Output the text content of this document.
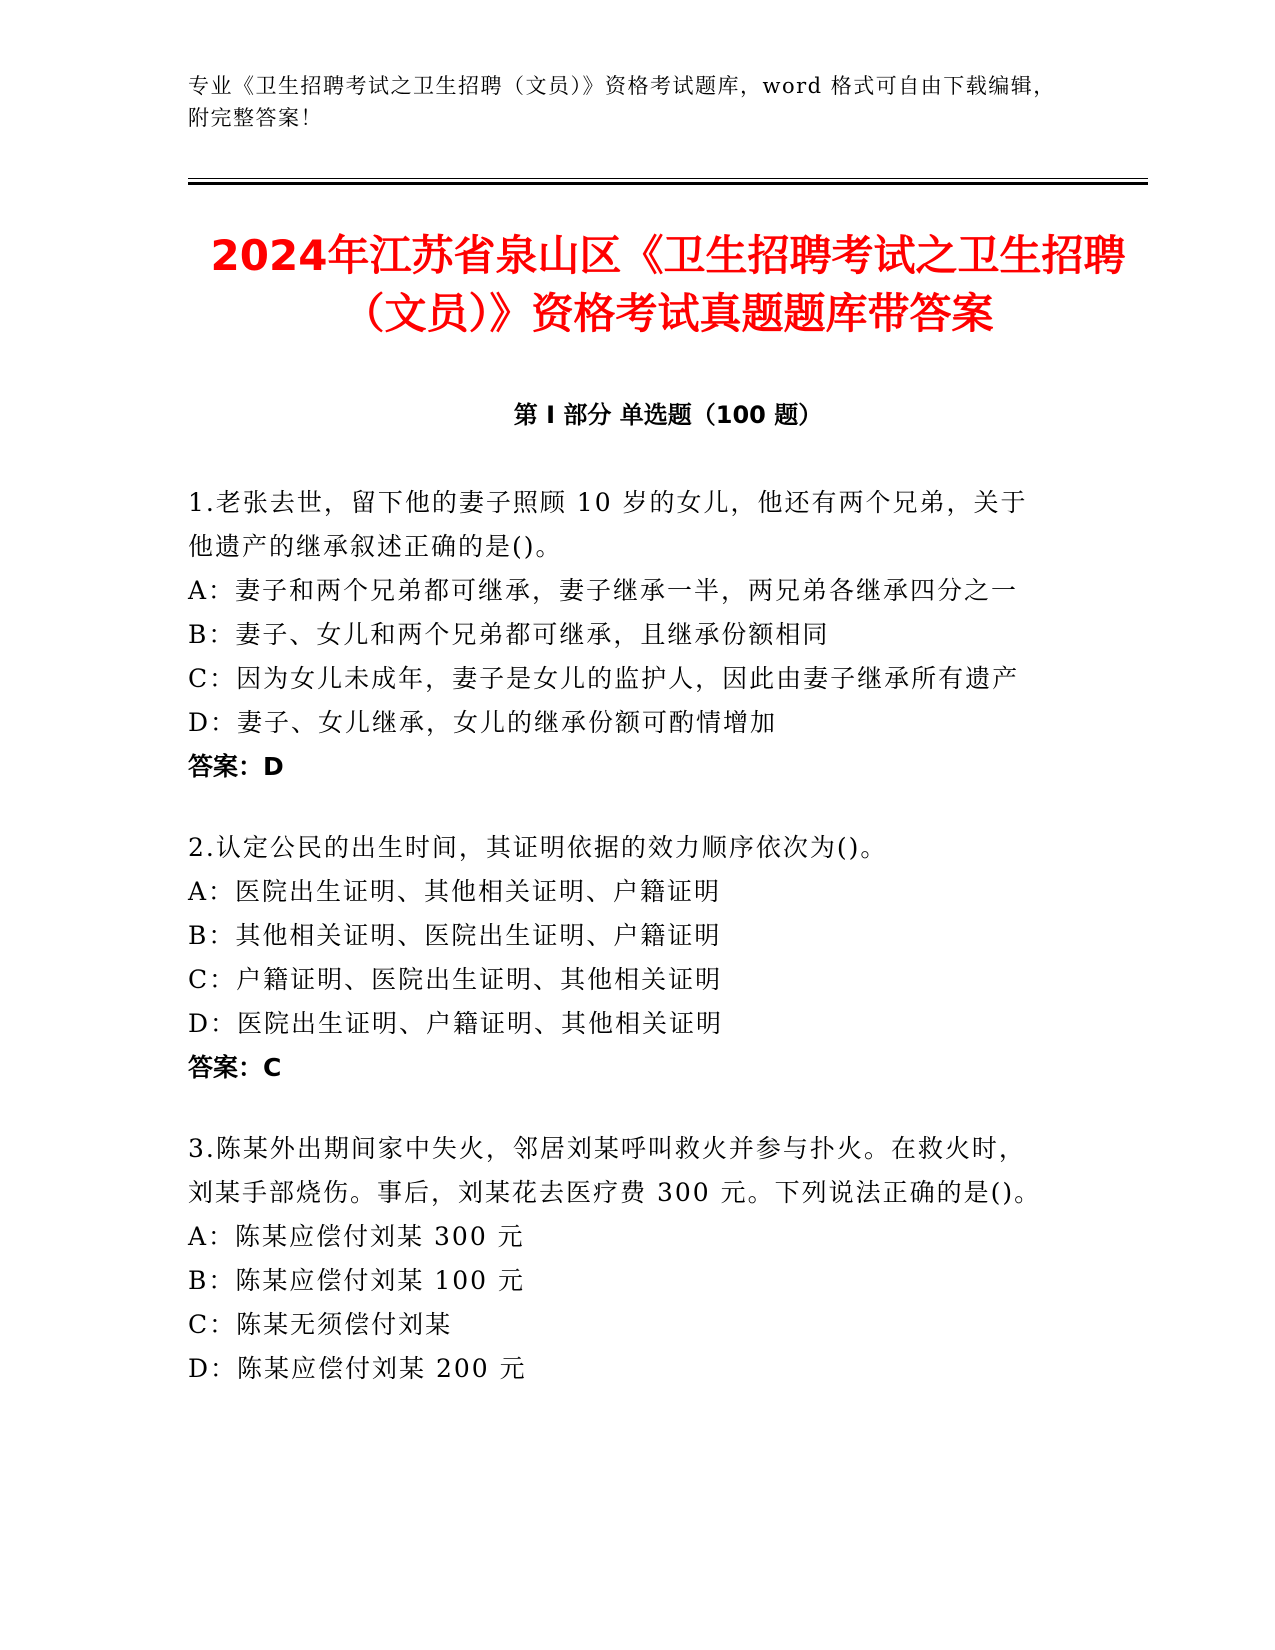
专业《卫生招聘考试之卫生招聘（文员）》资格考试题库，word 格式可自由下载编辑，附完整答案！

2024年江苏省泉山区《卫生招聘考试之卫生招聘（文员）》资格考试真题题库带答案
第 I 部分 单选题（100 题）

1.老张去世，留下他的妻子照顾 10 岁的女儿，他还有两个兄弟，关于他遗产的继承叙述正确的是()。

A：妻子和两个兄弟都可继承，妻子继承一半，两兄弟各继承四分之一

B：妻子、女儿和两个兄弟都可继承，且继承份额相同

C：因为女儿未成年，妻子是女儿的监护人，因此由妻子继承所有遗产

D：妻子、女儿继承，女儿的继承份额可酌情增加

答案：D

2.认定公民的出生时间，其证明依据的效力顺序依次为()。

A：医院出生证明、其他相关证明、户籍证明

B：其他相关证明、医院出生证明、户籍证明

C：户籍证明、医院出生证明、其他相关证明

D：医院出生证明、户籍证明、其他相关证明

答案：C

3.陈某外出期间家中失火，邻居刘某呼叫救火并参与扑火。在救火时，刘某手部烧伤。事后，刘某花去医疗费 300 元。下列说法正确的是()。

A：陈某应偿付刘某 300 元

B：陈某应偿付刘某 100 元

C：陈某无须偿付刘某

D：陈某应偿付刘某 200 元
